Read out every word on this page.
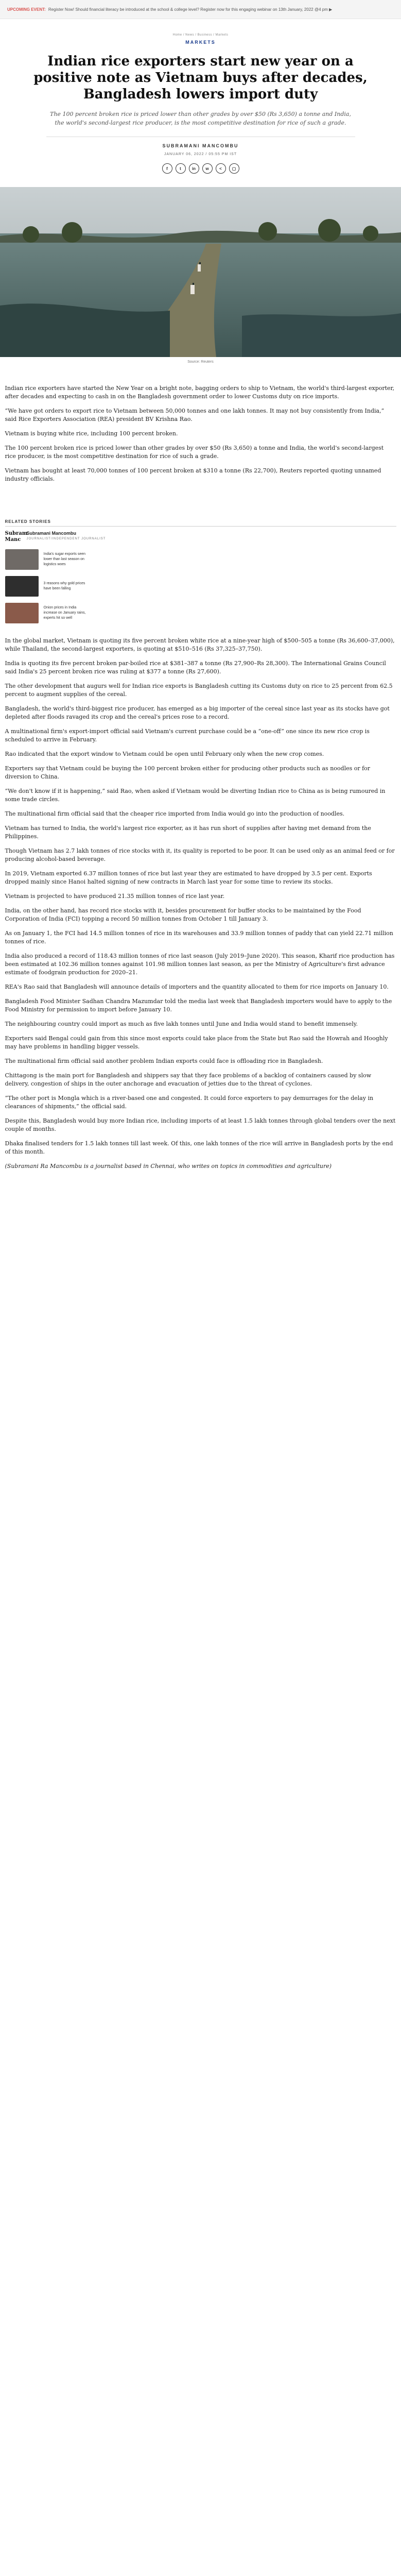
UPCOMING EVENT: Register Now! Should financial literacy be introduced at the school & college level? Register now for this engaging webinar on 13th January, 2022 @4 pm ▶
Home / News / Business / Markets
MARKETS
Indian rice exporters start new year on a positive note as Vietnam buys after decades, Bangladesh lowers import duty
The 100 percent broken rice is priced lower than other grades by over $50 (Rs 3,650) a tonne and India, the world's second-largest rice producer, is the most competitive destination for rice of such a grade.
SUBRAMANI MANCOMBU
JANUARY 06, 2022 / 05:55 PM IST
f	t	in	w	<	▢
Source: Reuters

Indian rice exporters have started the New Year on a bright note, bagging orders to ship to Vietnam, the world's third-largest exporter, after decades and expecting to cash in on the Bangladesh government order to lower Customs duty on rice imports.

“We have got orders to export rice to Vietnam between 50,000 tonnes and one lakh tonnes. It may not buy consistently from India,” said Rice Exporters Association (REA) president BV Krishna Rao.

Vietnam is buying white rice, including 100 percent broken.

The 100 percent broken rice is priced lower than other grades by over $50 (Rs 3,650) a tonne and India, the world's second-largest rice producer, is the most competitive destination for rice of such a grade.

Vietnam has bought at least 70,000 tonnes of 100 percent broken at $310 a tonne (Rs 22,700), Reuters reported quoting unnamed industry officials.

RELATED STORIES
Subram Manc
Subramani Mancombu
JOURNALIST/INDEPENDENT JOURNALIST
India's sugar exports seen lower than last season on logistics woes
3 reasons why gold prices have been falling
Onion prices in India increase on January rains, experts hit so well

In the global market, Vietnam is quoting its five percent broken white rice at a nine-year high of $500–505 a tonne (Rs 36,600–37,000), while Thailand, the second-largest exporters, is quoting at $510–516 (Rs 37,325–37,750).

India is quoting its five percent broken par-boiled rice at $381–387 a tonne (Rs 27,900–Rs 28,300). The International Grains Council said India's 25 percent broken rice was ruling at $377 a tonne (Rs 27,600).

The other development that augurs well for Indian rice exports is Bangladesh cutting its Customs duty on rice to 25 percent from 62.5 percent to augment supplies of the cereal.

Bangladesh, the world's third-biggest rice producer, has emerged as a big importer of the cereal since last year as its stocks have got depleted after floods ravaged its crop and the cereal's prices rose to a record.

A multinational firm's export-import official said Vietnam's current purchase could be a “one-off” one since its new rice crop is scheduled to arrive in February.

Rao indicated that the export window to Vietnam could be open until February only when the new crop comes.

Exporters say that Vietnam could be buying the 100 percent broken either for producing other products such as noodles or for diversion to China.

“We don't know if it is happening,” said Rao, when asked if Vietnam would be diverting Indian rice to China as is being rumoured in some trade circles.

The multinational firm official said that the cheaper rice imported from India would go into the production of noodles.

Vietnam has turned to India, the world's largest rice exporter, as it has run short of supplies after having met demand from the Philippines.

Though Vietnam has 2.7 lakh tonnes of rice stocks with it, its quality is reported to be poor. It can be used only as an animal feed or for producing alcohol-based beverage.

In 2019, Vietnam exported 6.37 million tonnes of rice but last year they are estimated to have dropped by 3.5 per cent. Exports dropped mainly since Hanoi halted signing of new contracts in March last year for some time to review its stocks.

Vietnam is projected to have produced 21.35 million tonnes of rice last year.

India, on the other hand, has record rice stocks with it, besides procurement for buffer stocks to be maintained by the Food Corporation of India (FCI) topping a record 50 million tonnes from October 1 till January 3.

As on January 1, the FCI had 14.5 million tonnes of rice in its warehouses and 33.9 million tonnes of paddy that can yield 22.71 million tonnes of rice.

India also produced a record of 118.43 million tonnes of rice last season (July 2019–June 2020). This season, Kharif rice production has been estimated at 102.36 million tonnes against 101.98 million tonnes last season, as per the Ministry of Agriculture's first advance estimate of foodgrain production for 2020–21.

REA's Rao said that Bangladesh will announce details of importers and the quantity allocated to them for rice imports on January 10.

Bangladesh Food Minister Sadhan Chandra Mazumdar told the media last week that Bangladesh importers would have to apply to the Food Ministry for permission to import before January 10.

The neighbouring country could import as much as five lakh tonnes until June and India would stand to benefit immensely.

Exporters said Bengal could gain from this since most exports could take place from the State but Rao said the Howrah and Hooghly may have problems in handling bigger vessels.

The multinational firm official said another problem Indian exports could face is offloading rice in Bangladesh.

Chittagong is the main port for Bangladesh and shippers say that they face problems of a backlog of containers caused by slow delivery, congestion of ships in the outer anchorage and evacuation of jetties due to the threat of cyclones.

“The other port is Mongla which is a river-based one and congested. It could force exporters to pay demurrages for the delay in clearances of shipments,” the official said.

Despite this, Bangladesh would buy more Indian rice, including imports of at least 1.5 lakh tonnes through global tenders over the next couple of months.

Dhaka finalised tenders for 1.5 lakh tonnes till last week. Of this, one lakh tonnes of the rice will arrive in Bangladesh ports by the end of this month.

(Subramani Ra Mancombu is a journalist based in Chennai, who writes on topics in commodities and agriculture)
